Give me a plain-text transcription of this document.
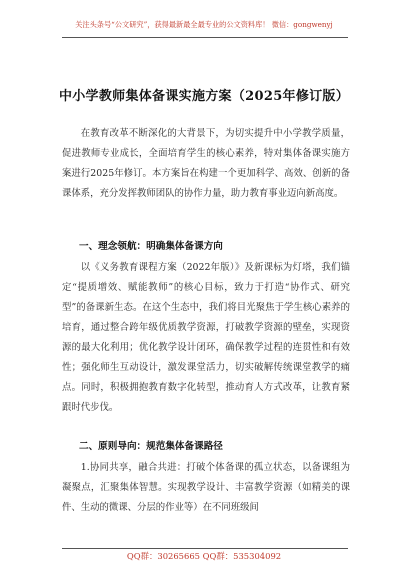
关注头条号“公文研究”，获得最新最全最专业的公文资料库！ 微信：gongwenyj
中小学教师集体备课实施方案（2025年修订版）
在教育改革不断深化的大背景下，为切实提升中小学教学质量，促进教师专业成长，全面培育学生的核心素养，特对集体备课实施方案进行2025年修订。本方案旨在构建一个更加科学、高效、创新的备课体系，充分发挥教师团队的协作力量，助力教育事业迈向新高度。
一、理念领航：明确集体备课方向
以《义务教育课程方案（2022年版）》及新课标为灯塔，我们锚定“提质增效、赋能教师”的核心目标，致力于打造“协作式、研究型”的备课新生态。在这个生态中，我们将目光聚焦于学生核心素养的培育，通过整合跨年级优质教学资源，打破教学资源的壁垒，实现资源的最大化利用；优化教学设计闭环，确保教学过程的连贯性和有效性；强化师生互动设计，激发课堂活力，切实破解传统课堂教学的痛点。同时，积极拥抱教育数字化转型，推动育人方式改革，让教育紧跟时代步伐。
二、原则导向：规范集体备课路径
1.协同共享，融合共进：打破个体备课的孤立状态，以备课组为凝聚点，汇聚集体智慧。实现教学设计、丰富教学资源（如精美的课件、生动的微课、分层的作业等）在不同班级间
QQ群：30265665 QQ群：535304092
